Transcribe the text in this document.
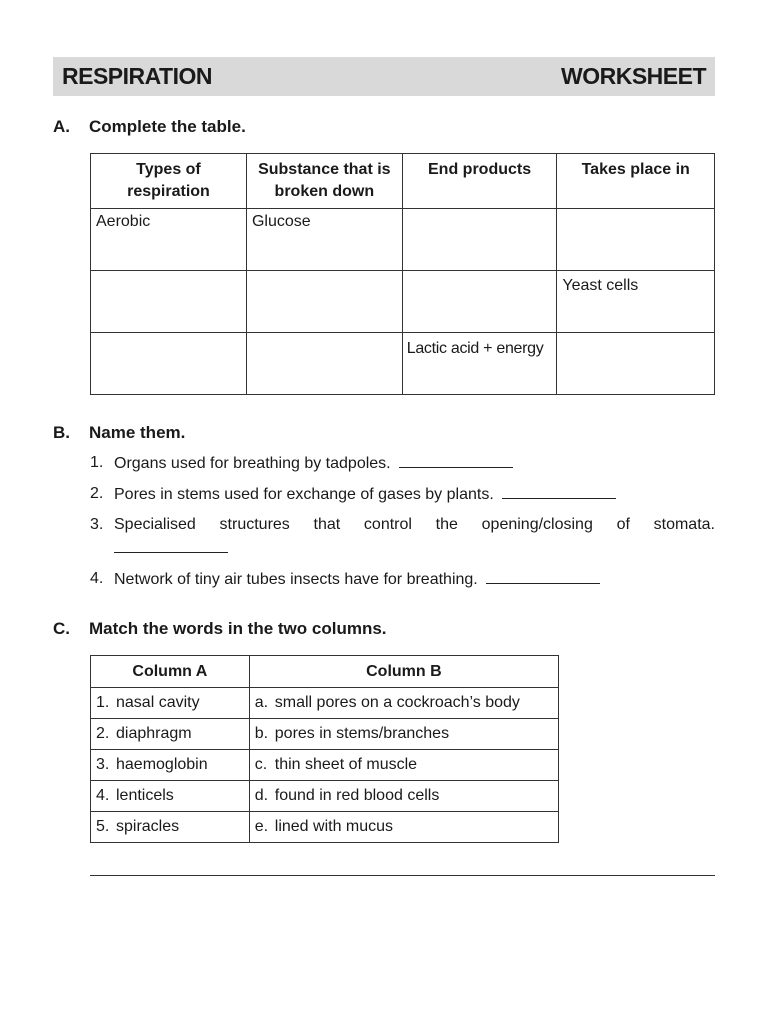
RESPIRATION	WORKSHEET
A.	Complete the table.
Types of respiration	Substance that is broken down	End products	Takes place in
Aerobic	Glucose		
			Yeast cells
		Lactic acid + energy	
B.	Name them.
1. Organs used for breathing by tadpoles.
2. Pores in stems used for exchange of gases by plants.
3. Specialised structures that control the opening/closing of stomata.
4. Network of tiny air tubes insects have for breathing.
C.	Match the words in the two columns.
Column A	Column B
1. nasal cavity	a. small pores on a cockroach’s body
2. diaphragm	b. pores in stems/branches
3. haemoglobin	c. thin sheet of muscle
4. lenticels	d. found in red blood cells
5. spiracles	e. lined with mucus
